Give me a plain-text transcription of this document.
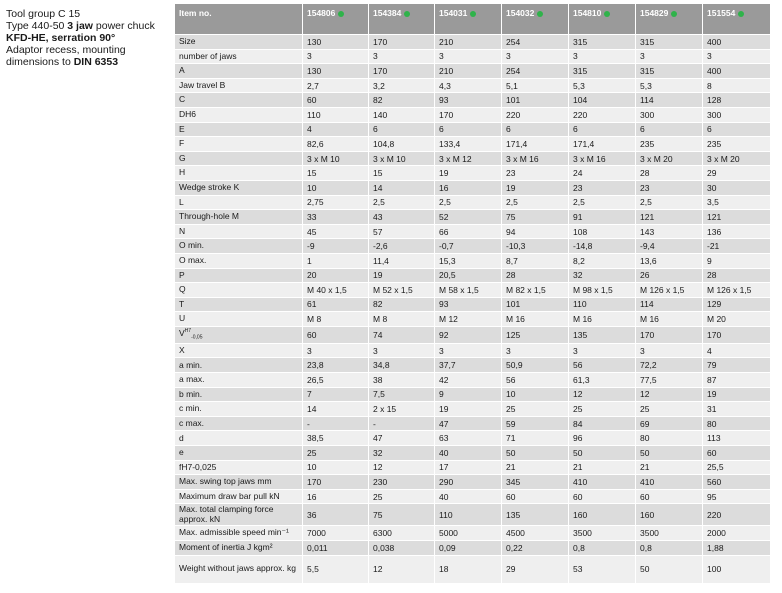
Tool group C 15
Type 440-50 3 jaw power chuck
KFD-HE, serration 90°
Adaptor recess, mounting
dimensions to DIN 6353
Item no.	154806	154384	154031	154032	154810	154829	151554
Size	130	170	210	254	315	315	400
number of jaws	3	3	3	3	3	3	3
A	130	170	210	254	315	315	400
Jaw travel B	2,7	3,2	4,3	5,1	5,3	5,3	8
C	60	82	93	101	104	114	128
DH6	110	140	170	220	220	300	300
E	4	6	6	6	6	6	6
F	82,6	104,8	133,4	171,4	171,4	235	235
G	3 x M 10	3 x M 10	3 x M 12	3 x M 16	3 x M 16	3 x M 20	3 x M 20
H	15	15	19	23	24	28	29
Wedge stroke K	10	14	16	19	23	23	30
L	2,75	2,5	2,5	2,5	2,5	2,5	3,5
Through-hole M	33	43	52	75	91	121	121
N	45	57	66	94	108	143	136
O min.	-9	-2,6	-0,7	-10,3	-14,8	-9,4	-21
O max.	1	11,4	15,3	8,7	8,2	13,6	9
P	20	19	20,5	28	32	26	28
Q	M 40 x 1,5	M 52 x 1,5	M 58 x 1,5	M 82 x 1,5	M 98 x 1,5	M 126 x 1,5	M 126 x 1,5
T	61	82	93	101	110	114	129
U	M 8	M 8	M 12	M 16	M 16	M 16	M 20
$V^{H7}_{-0,05}$	60	74	92	125	135	170	170
X	3	3	3	3	3	3	4
a min.	23,8	34,8	37,7	50,9	56	72,2	79
a max.	26,5	38	42	56	61,3	77,5	87
b min.	7	7,5	9	10	12	12	19
c min.	14	2 x 15	19	25	25	25	31
c max.	-	-	47	59	84	69	80
d	38,5	47	63	71	96	80	113
e	25	32	40	50	50	50	60
fH7-0,025	10	12	17	21	21	21	25,5
Max. swing top jaws mm	170	230	290	345	410	410	560
Maximum draw bar pull kN	16	25	40	60	60	60	95
Max. total clamping force approx. kN	36	75	110	135	160	160	220
Max. admissible speed min⁻¹	7000	6300	5000	4500	3500	3500	2000
Moment of inertia J kgm²	0,011	0,038	0,09	0,22	0,8	0,8	1,88
Weight without jaws approx. kg	5,5	12	18	29	53	50	100
